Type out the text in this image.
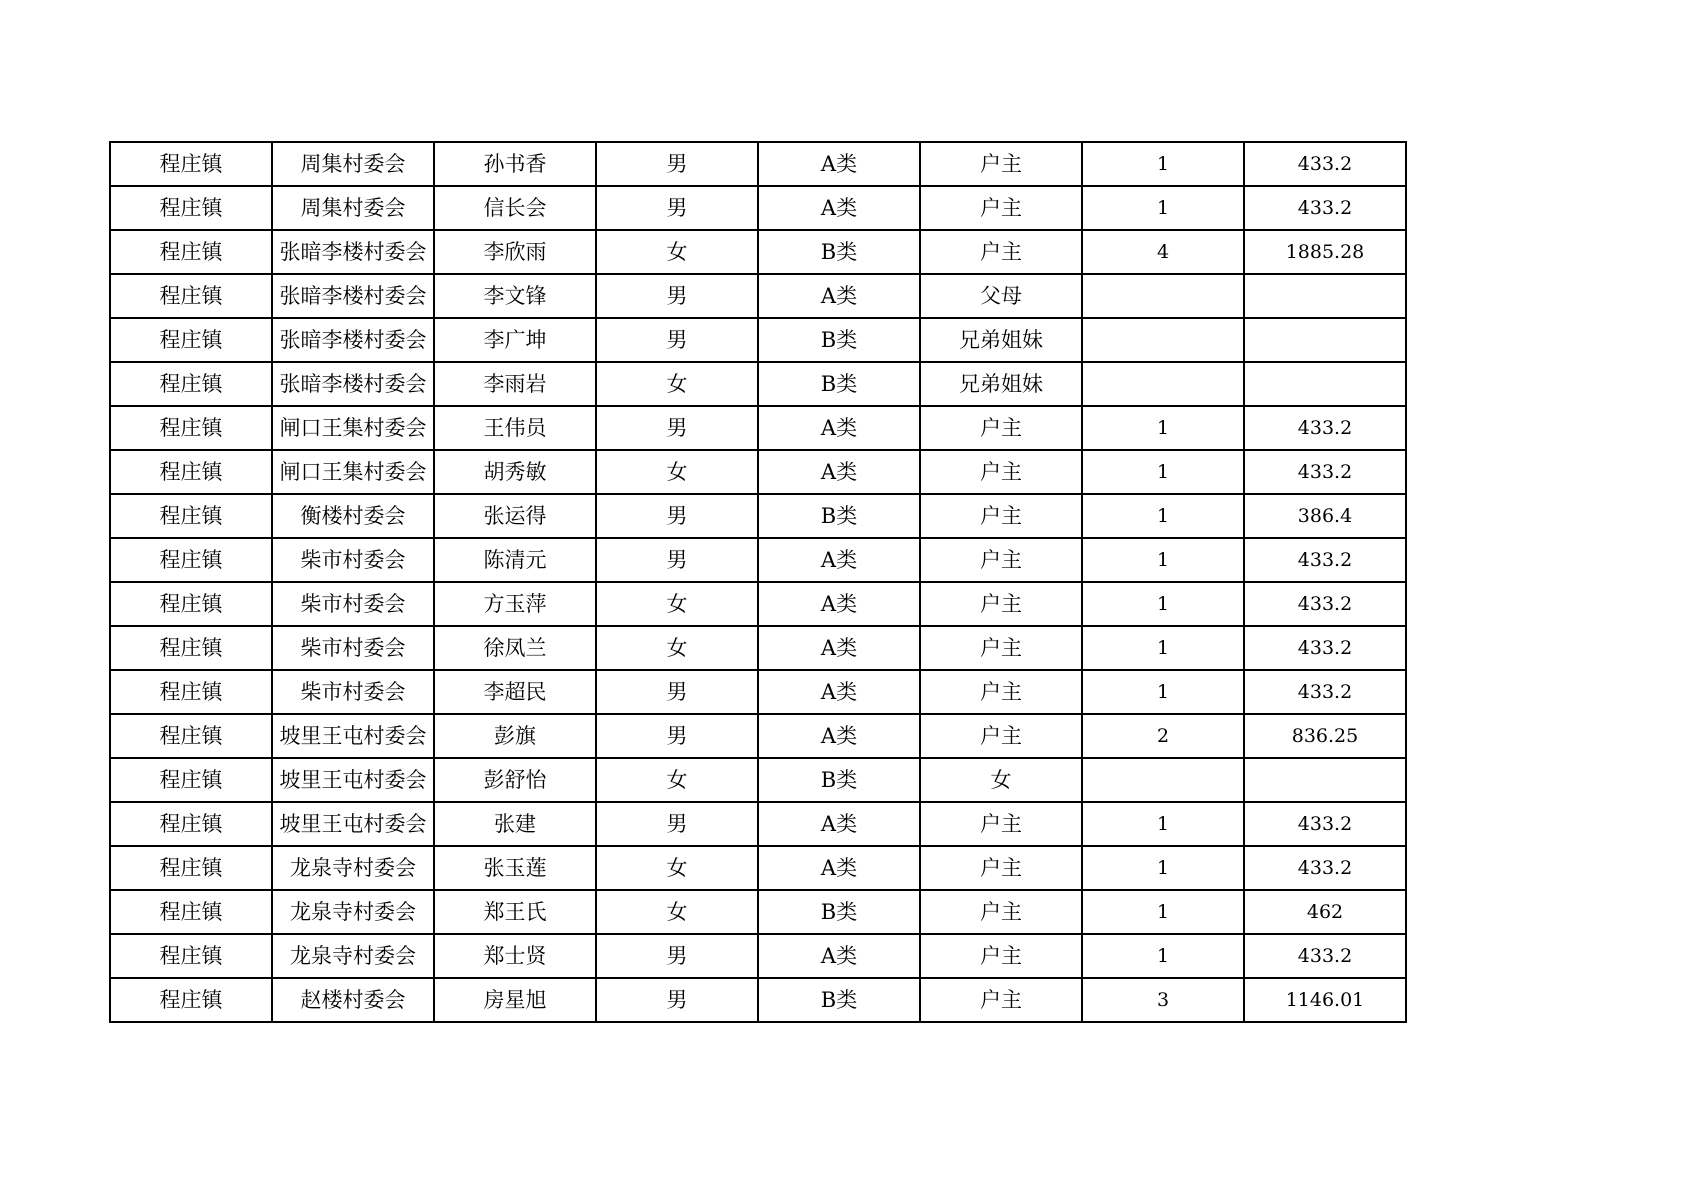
程庄镇	周集村委会	孙书香	男	A类	户主	1	433.2
程庄镇	周集村委会	信长会	男	A类	户主	1	433.2
程庄镇	张暗李楼村委会	李欣雨	女	B类	户主	4	1885.28
程庄镇	张暗李楼村委会	李文锋	男	A类	父母		
程庄镇	张暗李楼村委会	李广坤	男	B类	兄弟姐妹		
程庄镇	张暗李楼村委会	李雨岩	女	B类	兄弟姐妹		
程庄镇	闸口王集村委会	王伟员	男	A类	户主	1	433.2
程庄镇	闸口王集村委会	胡秀敏	女	A类	户主	1	433.2
程庄镇	衡楼村委会	张运得	男	B类	户主	1	386.4
程庄镇	柴市村委会	陈清元	男	A类	户主	1	433.2
程庄镇	柴市村委会	方玉萍	女	A类	户主	1	433.2
程庄镇	柴市村委会	徐凤兰	女	A类	户主	1	433.2
程庄镇	柴市村委会	李超民	男	A类	户主	1	433.2
程庄镇	坡里王屯村委会	彭旗	男	A类	户主	2	836.25
程庄镇	坡里王屯村委会	彭舒怡	女	B类	女		
程庄镇	坡里王屯村委会	张建	男	A类	户主	1	433.2
程庄镇	龙泉寺村委会	张玉莲	女	A类	户主	1	433.2
程庄镇	龙泉寺村委会	郑王氏	女	B类	户主	1	462
程庄镇	龙泉寺村委会	郑士贤	男	A类	户主	1	433.2
程庄镇	赵楼村委会	房星旭	男	B类	户主	3	1146.01
